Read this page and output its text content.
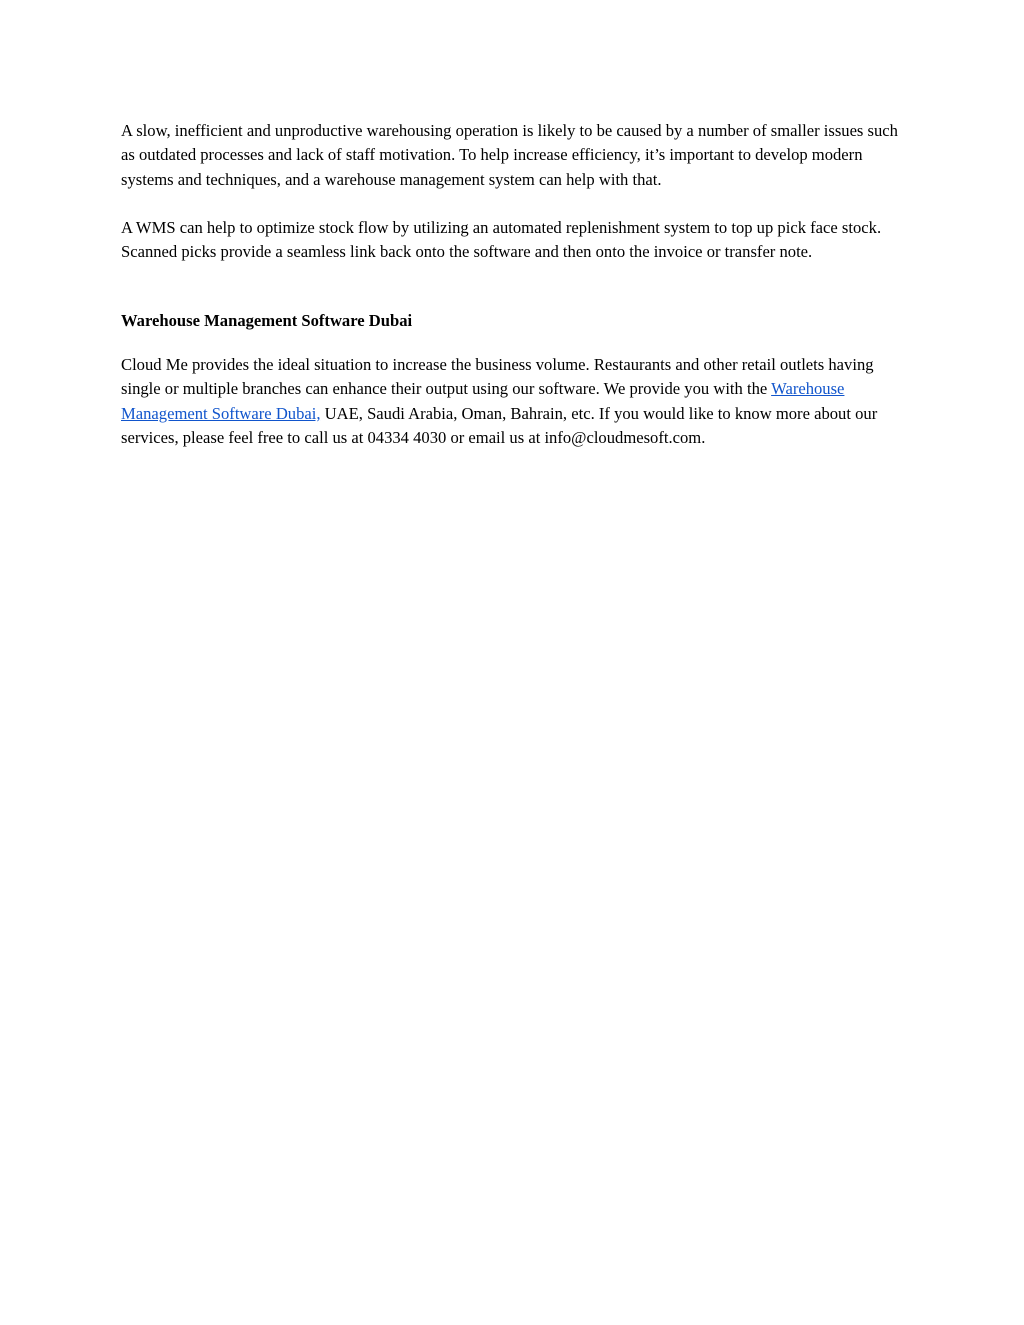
A slow, inefficient and unproductive warehousing operation is likely to be caused by a number of smaller issues such as outdated processes and lack of staff motivation. To help increase efficiency, it’s important to develop modern systems and techniques, and a warehouse management system can help with that.

A WMS can help to optimize stock flow by utilizing an automated replenishment system to top up pick face stock. Scanned picks provide a seamless link back onto the software and then onto the invoice or transfer note.

Warehouse Management Software Dubai

Cloud Me provides the ideal situation to increase the business volume. Restaurants and other retail outlets having single or multiple branches can enhance their output using our software. We provide you with the Warehouse Management Software Dubai, UAE, Saudi Arabia, Oman, Bahrain, etc. If you would like to know more about our services, please feel free to call us at 04334 4030 or email us at info@cloudmesoft.com.
